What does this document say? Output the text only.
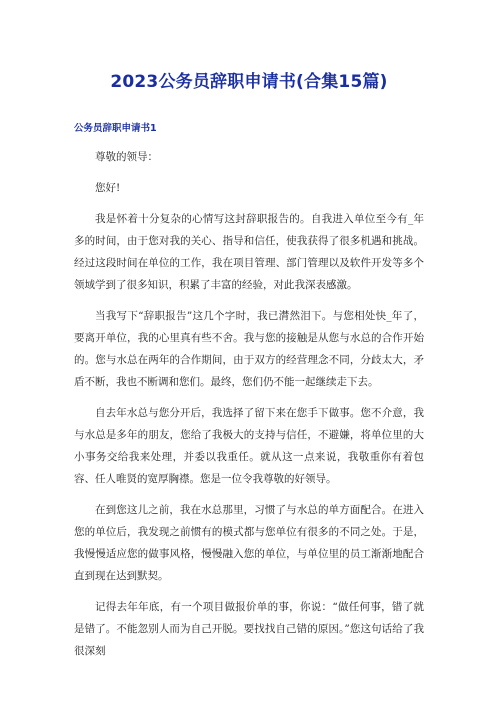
2023公务员辞职申请书(合集15篇)
公务员辞职申请书1

尊敬的领导：

您好!

我是怀着十分复杂的心情写这封辞职报告的。自我进入单位至今有_年多的时间，由于您对我的关心、指导和信任，使我获得了很多机遇和挑战。经过这段时间在单位的工作，我在项目管理、部门管理以及软件开发等多个领域学到了很多知识，积累了丰富的经验，对此我深表感激。

当我写下“辞职报告”这几个字时，我已潸然泪下。与您相处快_年了，要离开单位，我的心里真有些不舍。我与您的接触是从您与水总的合作开始的。您与水总在两年的合作期间，由于双方的经营理念不同，分歧太大，矛盾不断，我也不断调和您们。最终，您们仍不能一起继续走下去。

自去年水总与您分开后，我选择了留下来在您手下做事。您不介意，我与水总是多年的朋友，您给了我极大的支持与信任，不避嫌，将单位里的大小事务交给我来处理，并委以我重任。就从这一点来说，我敬重你有着包容、任人唯贤的宽厚胸襟。您是一位令我尊敬的好领导。

在到您这儿之前，我在水总那里，习惯了与水总的单方面配合。在进入您的单位后，我发现之前惯有的模式都与您单位有很多的不同之处。于是，我慢慢适应您的做事风格，慢慢融入您的单位，与单位里的员工渐渐地配合直到现在达到默契。

记得去年年底，有一个项目做报价单的事，你说：“做任何事，错了就是错了。不能忽别人而为自己开脱。要找找自己错的原因。”您这句话给了我很深刻
